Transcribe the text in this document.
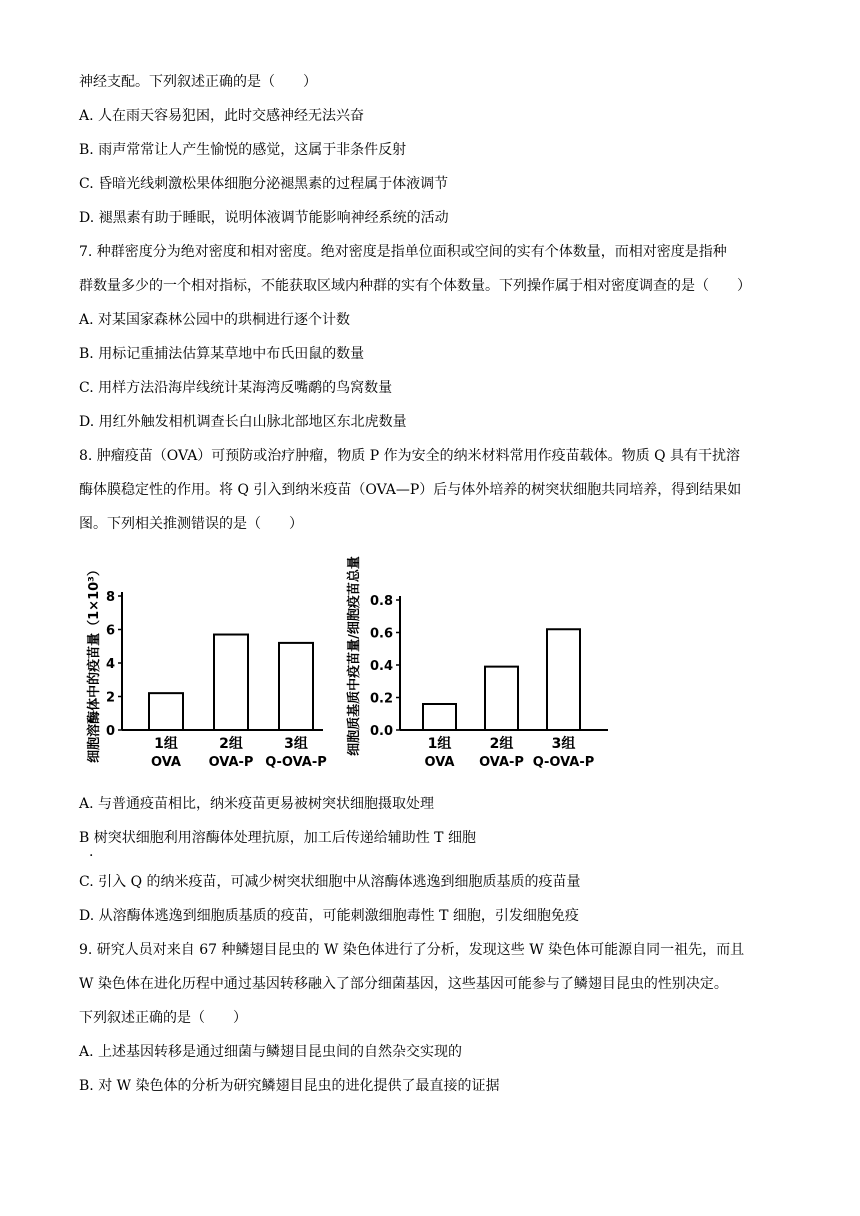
神经支配。下列叙述正确的是（　　）
A. 人在雨天容易犯困，此时交感神经无法兴奋
B. 雨声常常让人产生愉悦的感觉，这属于非条件反射
C. 昏暗光线刺激松果体细胞分泌褪黑素的过程属于体液调节
D. 褪黑素有助于睡眠，说明体液调节能影响神经系统的活动
7. 种群密度分为绝对密度和相对密度。绝对密度是指单位面积或空间的实有个体数量，而相对密度是指种
群数量多少的一个相对指标，不能获取区域内种群的实有个体数量。下列操作属于相对密度调查的是（　　）
A. 对某国家森林公园中的珙桐进行逐个计数
B. 用标记重捕法估算某草地中布氏田鼠的数量
C. 用样方法沿海岸线统计某海湾反嘴鹬的鸟窝数量
D. 用红外触发相机调查长白山脉北部地区东北虎数量
8. 肿瘤疫苗（OVA）可预防或治疗肿瘤，物质 P 作为安全的纳米材料常用作疫苗载体。物质 Q 具有干扰溶
酶体膜稳定性的作用。将 Q 引入到纳米疫苗（OVA—P）后与体外培养的树突状细胞共同培养，得到结果如
图。下列相关推测错误的是（　　）
细胞溶酶体中的疫苗量（1×10³） 0
2
4
6
8
1组
OVA
2组
OVA-P
3组
Q-OVA-P
细胞质基质中疫苗量/细胞疫苗总量 0.0
0.2
0.4
0.6
0.8
1组
OVA
2组
OVA-P
3组
Q-OVA-P
A. 与普通疫苗相比，纳米疫苗更易被树突状细胞摄取处理
B 树突状细胞利用溶酶体处理抗原，加工后传递给辅助性 T 细胞
·
C. 引入 Q 的纳米疫苗，可减少树突状细胞中从溶酶体逃逸到细胞质基质的疫苗量
D. 从溶酶体逃逸到细胞质基质的疫苗，可能刺激细胞毒性 T 细胞，引发细胞免疫
9. 研究人员对来自 67 种鳞翅目昆虫的 W 染色体进行了分析，发现这些 W 染色体可能源自同一祖先，而且
W 染色体在进化历程中通过基因转移融入了部分细菌基因，这些基因可能参与了鳞翅目昆虫的性别决定。
下列叙述正确的是（　　）
A. 上述基因转移是通过细菌与鳞翅目昆虫间的自然杂交实现的
B. 对 W 染色体的分析为研究鳞翅目昆虫的进化提供了最直接的证据
